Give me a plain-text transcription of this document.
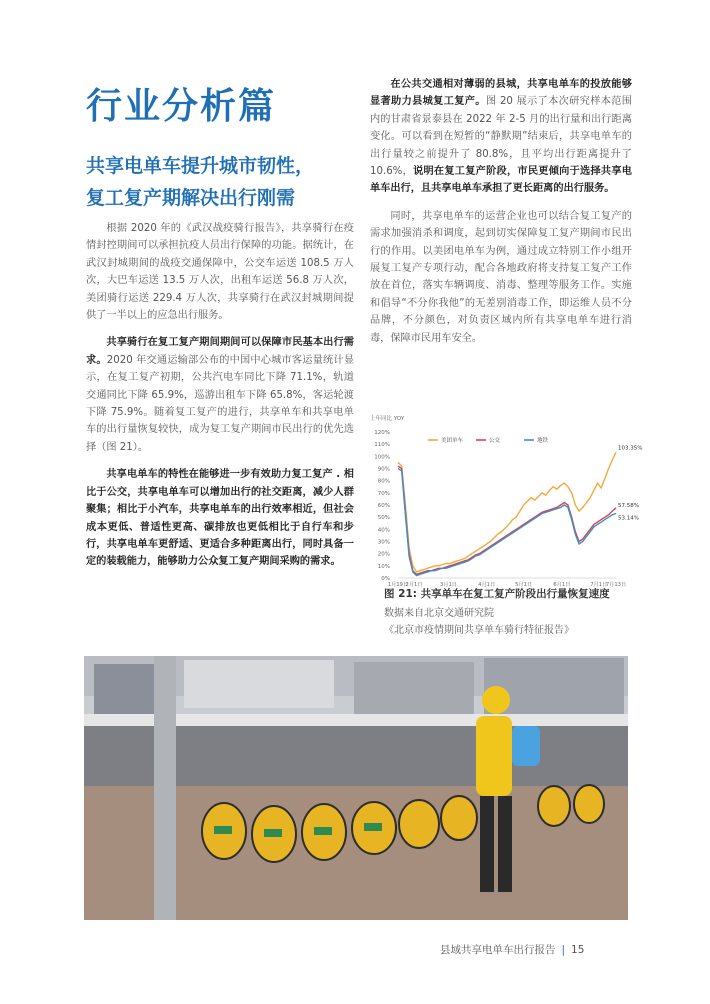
行业分析篇
共享电单车提升城市韧性，
复工复产期解决出行刚需

根据 2020 年的《武汉战疫骑行报告》，共享骑行在疫情封控期间可以承担抗疫人员出行保障的功能。据统计，在武汉封城期间的战疫交通保障中，公交车运送 108.5 万人次，大巴车运送 13.5 万人次，出租车运送 56.8 万人次，美团骑行运送 229.4 万人次，共享骑行在武汉封城期间提供了一半以上的应急出行服务。

共享骑行在复工复产期间期间可以保障市民基本出行需求。2020 年交通运输部公布的中国中心城市客运量统计显示，在复工复产初期，公共汽电车同比下降 71.1%，轨道交通同比下降 65.9%，巡游出租车下降 65.8%，客运轮渡下降 75.9%。随着复工复产的进行，共享单车和共享电单车的出行量恢复较快，成为复工复产期间市民出行的优先选择（图 21）。

共享电单车的特性在能够进一步有效助力复工复产 . 相比于公交，共享电单车可以增加出行的社交距离，减少人群聚集；相比于小汽车，共享电单车的出行效率相近，但社会成本更低、普适性更高、碳排放也更低相比于自行车和步行，共享电单车更舒适、更适合多种距离出行，同时具备一定的装载能力，能够助力公众复工复产期间采购的需求。

在公共交通相对薄弱的县城，共享电单车的投放能够显著助力县城复工复产。图 20 展示了本次研究样本范围内的甘肃省景泰县在 2022 年 2-5 月的出行量和出行距离变化。可以看到在短暂的“静默期”结束后，共享电单车的出行量较之前提升了 80.8%，且平均出行距离提升了 10.6%，说明在复工复产阶段，市民更倾向于选择共享电单车出行，且共享电单车承担了更长距离的出行服务。

同时，共享电单车的运营企业也可以结合复工复产的需求加强消杀和调度，起到切实保障复工复产期间市民出行的作用。以美团电单车为例，通过成立特别工作小组开展复工复产专项行动，配合各地政府将支持复工复产工作放在首位，落实车辆调度、消毒、整理等服务工作。实施和倡导“不分你我他”的无差别消毒工作，即运维人员不分品牌，不分颜色，对负责区域内所有共享电单车进行消毒，保障市民用车安全。

上年同比 YOY
0%
10%
20%
30%
40%
50%
60%
70%
80%
90%
100%
110%
120%
1月19日
2月1日	3月1日	4月1日	5月1日	6月1日	7月1日
7月13日
美团单车	公交	地铁
103.35%
57.58%
53.14%
图 21: 共享单车在复工复产阶段出行量恢复速度
数据来自北京交通研究院
《北京市疫情期间共享单车骑行特征报告》
县域共享电单车出行报告 | 15
